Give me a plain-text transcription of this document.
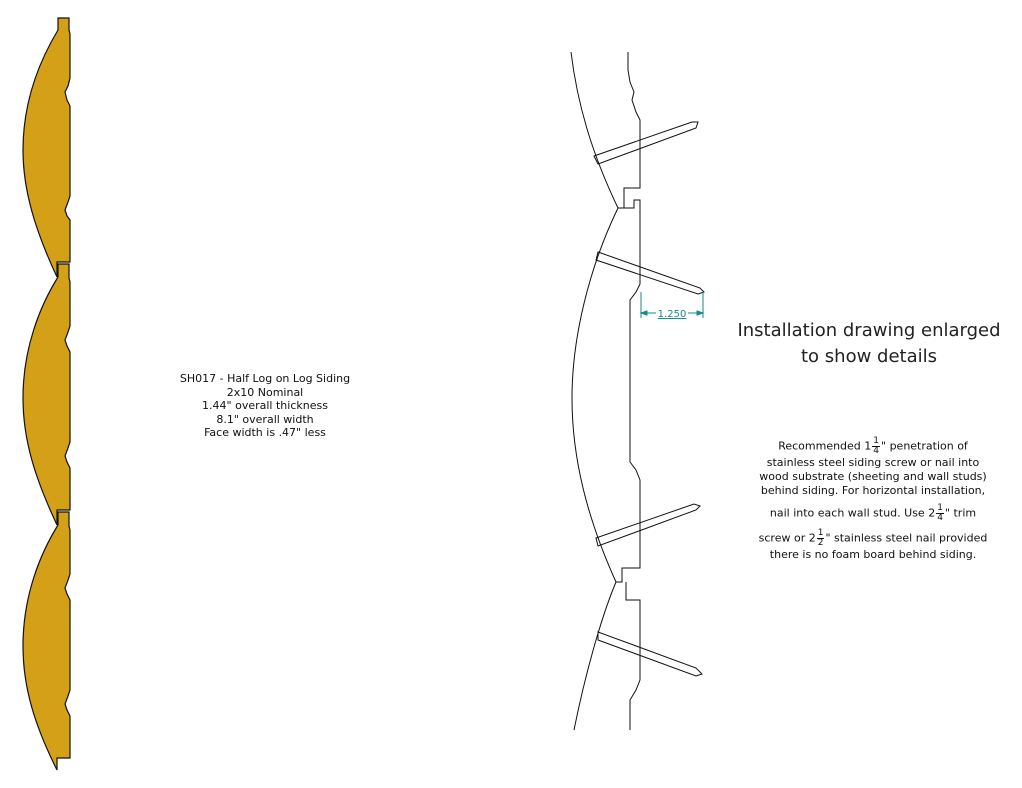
1.250
SH017 - Half Log on Log Siding
2x10 Nominal
1.44" overall thickness
8.1" overall width
Face width is .47" less
Installation drawing enlarged
to show details
Recommended $1 \frac{1}{4}$ " penetration of
stainless steel siding screw or nail into
wood substrate (sheeting and wall studs)
behind siding. For horizontal installation,
nail into each wall stud. Use $2 \frac{1}{4}$ " trim
screw or $2 \frac{1}{2}$ " stainless steel nail provided
there is no foam board behind siding.
